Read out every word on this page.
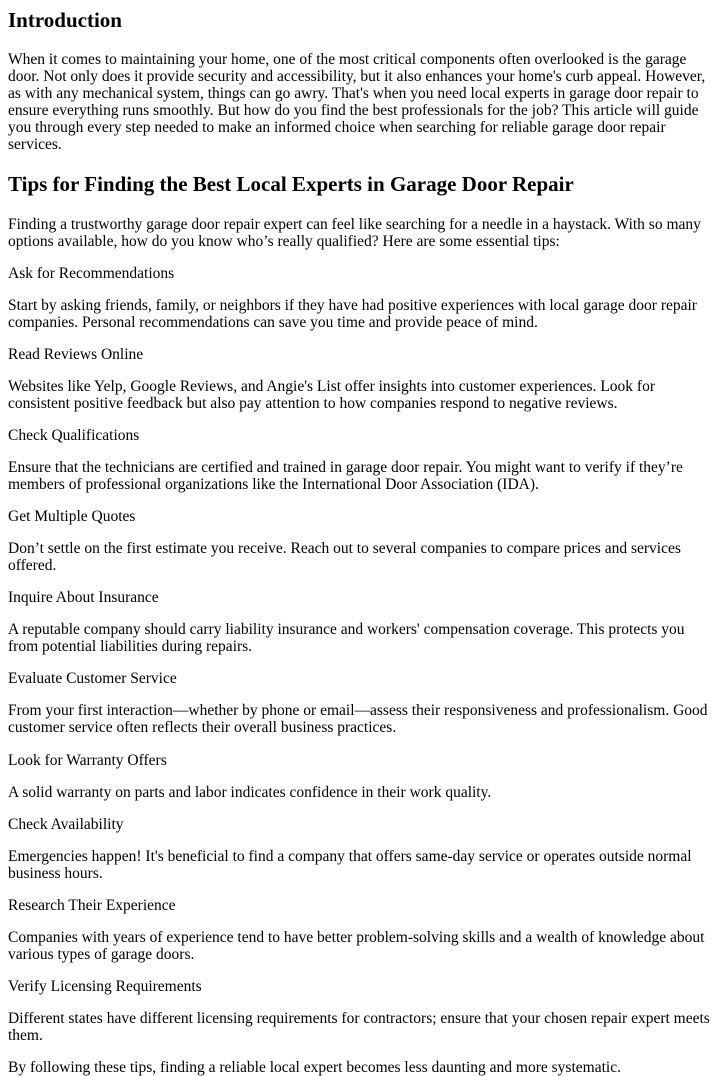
Introduction

When it comes to maintaining your home, one of the most critical components often overlooked is the garage door. Not only does it provide security and accessibility, but it also enhances your home's curb appeal. However, as with any mechanical system, things can go awry. That's when you need local experts in garage door repair to ensure everything runs smoothly. But how do you find the best professionals for the job? This article will guide you through every step needed to make an informed choice when searching for reliable garage door repair services.

Tips for Finding the Best Local Experts in Garage Door Repair

Finding a trustworthy garage door repair expert can feel like searching for a needle in a haystack. With so many options available, how do you know who’s really qualified? Here are some essential tips:

Ask for Recommendations

Start by asking friends, family, or neighbors if they have had positive experiences with local garage door repair companies. Personal recommendations can save you time and provide peace of mind.

Read Reviews Online

Websites like Yelp, Google Reviews, and Angie's List offer insights into customer experiences. Look for consistent positive feedback but also pay attention to how companies respond to negative reviews.

Check Qualifications

Ensure that the technicians are certified and trained in garage door repair. You might want to verify if they’re members of professional organizations like the International Door Association (IDA).

Get Multiple Quotes

Don’t settle on the first estimate you receive. Reach out to several companies to compare prices and services offered.

Inquire About Insurance

A reputable company should carry liability insurance and workers' compensation coverage. This protects you from potential liabilities during repairs.

Evaluate Customer Service

From your first interaction—whether by phone or email—assess their responsiveness and professionalism. Good customer service often reflects their overall business practices.

Look for Warranty Offers

A solid warranty on parts and labor indicates confidence in their work quality.

Check Availability

Emergencies happen! It's beneficial to find a company that offers same-day service or operates outside normal business hours.

Research Their Experience

Companies with years of experience tend to have better problem-solving skills and a wealth of knowledge about various types of garage doors.

Verify Licensing Requirements

Different states have different licensing requirements for contractors; ensure that your chosen repair expert meets them.

By following these tips, finding a reliable local expert becomes less daunting and more systematic.
